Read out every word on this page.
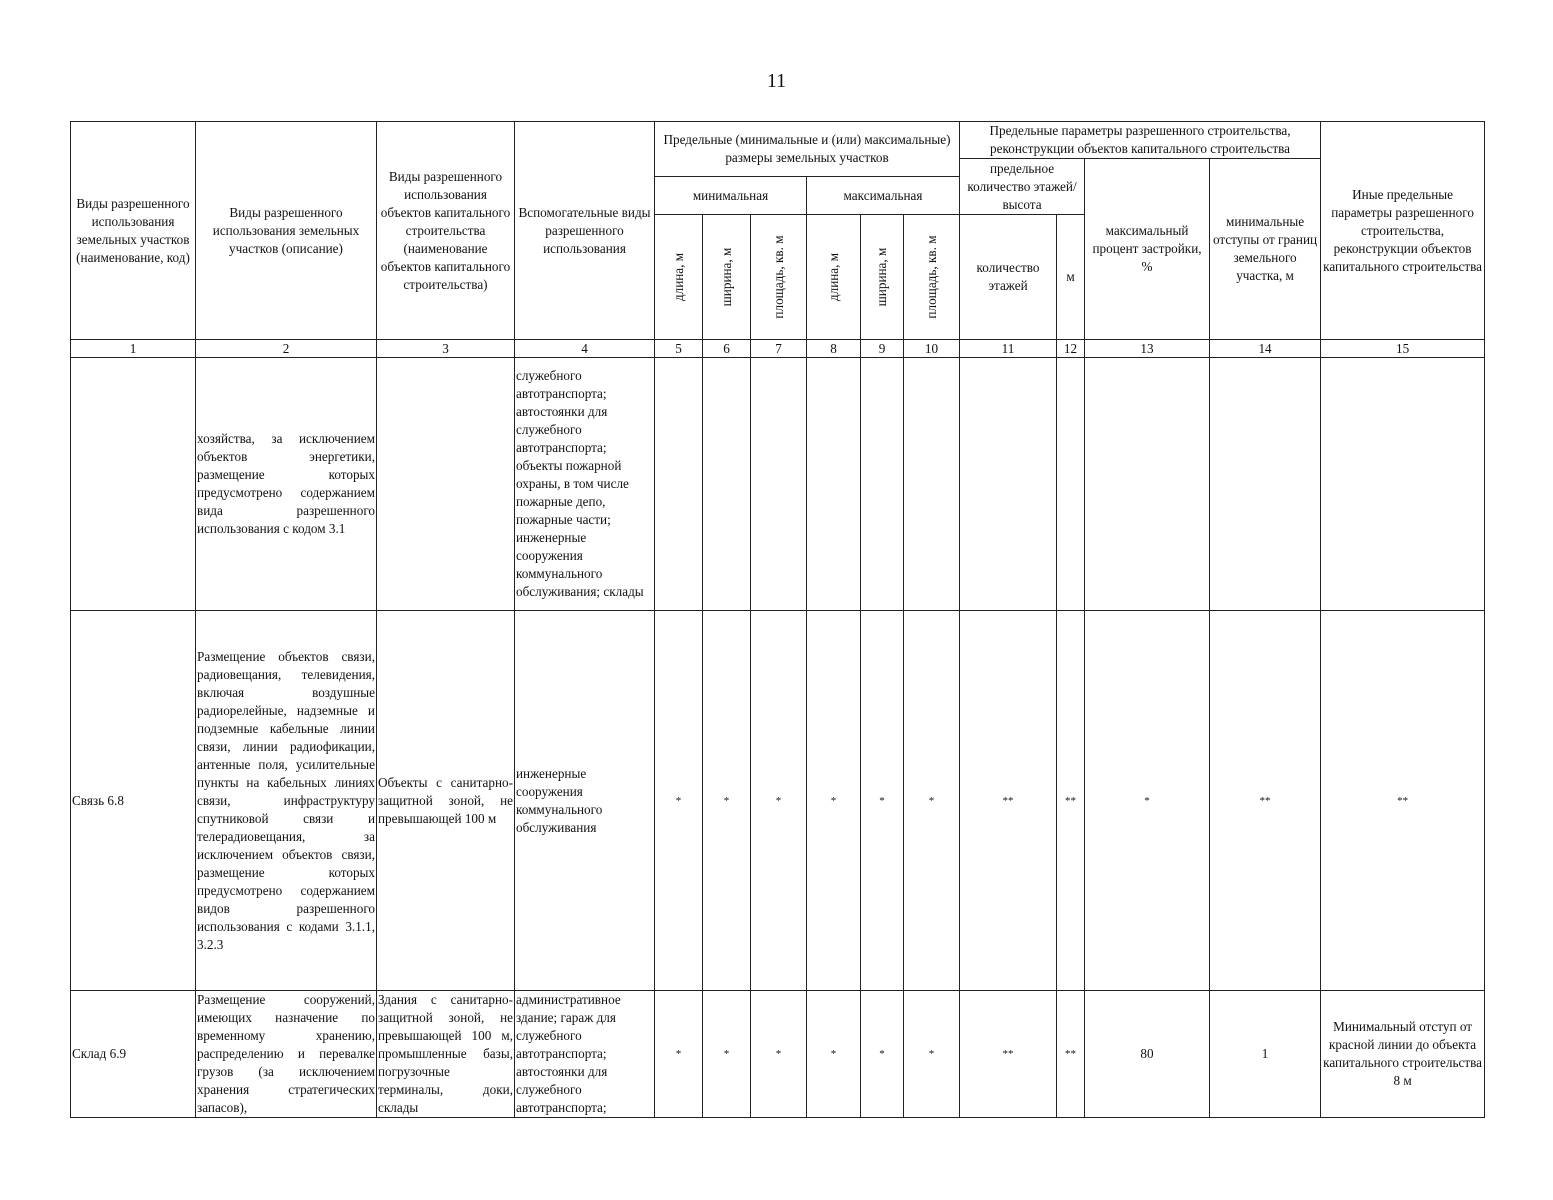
11
Виды разрешенного использования земельных участков (наименование, код)	Виды разрешенного использования земельных участков (описание)	Виды разрешенного использования объектов капитального строительства (наименование объектов капитального строительства)	Вспомогательные виды разрешенного использования	Предельные (минимальные и (или) максимальные) размеры земельных участков						Предельные параметры разрешенного строительства, реконструкции объектов капитального строительства				Иные предельные параметры разрешенного строительства, реконструкции объектов капитального строительства
										предельное количество этажей/высота		максимальный процент застройки, %	минимальные отступы от границ земельного участка, м	
				минимальная			максимальная							

				длина, м	ширина, м	площадь, кв. м	длина, м	ширина, м	площадь, кв. м	количество этажей	м			
1	2	3	4	5	6	7	8	9	10	11	12	13	14	15
	хозяйства, за исключением объектов энергетики, размещение которых предусмотрено содержанием вида разрешенного использования с кодом 3.1		служебного автотранспорта; автостоянки для служебного автотранспорта; объекты пожарной охраны, в том числе пожарные депо, пожарные части; инженерные сооружения коммунального обслуживания; склады											
Связь 6.8	Размещение объектов связи, радиовещания, телевидения, включая воздушные радиорелейные, надземные и подземные кабельные линии связи, линии радиофикации, антенные поля, усилительные пункты на кабельных линиях связи, инфраструктуру спутниковой связи и телерадиовещания, за исключением объектов связи, размещение которых предусмотрено содержанием видов разрешенного использования с кодами 3.1.1, 3.2.3	Объекты с санитарно-защитной зоной, не превышающей 100 м	инженерные сооружения коммунального обслуживания	*	*	*	*	*	*	**	**	*	**	**
Склад 6.9	Размещение сооружений, имеющих назначение по временному хранению, распределению и перевалке грузов (за исключением хранения стратегических запасов),	Здания с санитарно-защитной зоной, не превышающей 100 м, промышленные базы, погрузочные терминалы, доки, склады	административное здание; гараж для служебного автотранспорта; автостоянки для служебного автотранспорта;	*	*	*	*	*	*	**	**	80	1	Минимальный отступ от красной линии до объекта капитального строительства 8 м
